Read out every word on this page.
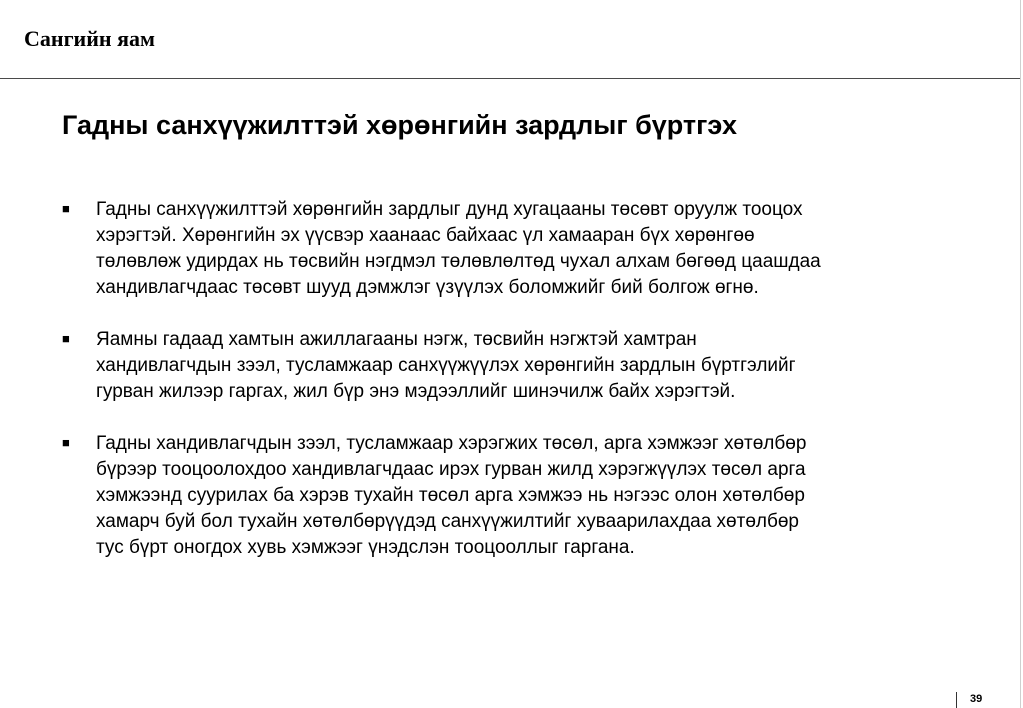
Сангийн яам
Гадны санхүүжилттэй хөрөнгийн зардлыг бүртгэх
■ Гадны санхүүжилттэй хөрөнгийн зардлыг дунд хугацааны төсөвт оруулж тооцох
хэрэгтэй. Хөрөнгийн эх үүсвэр хаанаас байхаас үл хамааран бүх хөрөнгөө
төлөвлөж удирдах нь төсвийн нэгдмэл төлөвлөлтөд чухал алхам бөгөөд цаашдаа
хандивлагчдаас төсөвт шууд дэмжлэг үзүүлэх боломжийг бий болгож өгнө.
■ Яамны гадаад хамтын ажиллагааны нэгж, төсвийн нэгжтэй хамтран
хандивлагчдын зээл, тусламжаар санхүүжүүлэх хөрөнгийн зардлын бүртгэлийг
гурван жилээр гаргах, жил бүр энэ мэдээллийг шинэчилж байх хэрэгтэй.
■ Гадны хандивлагчдын зээл, тусламжаар хэрэгжих төсөл, арга хэмжээг хөтөлбөр
бүрээр тооцоолохдоо хандивлагчдаас ирэх гурван жилд хэрэгжүүлэх төсөл арга
хэмжээнд суурилах ба хэрэв тухайн төсөл арга хэмжээ нь нэгээс олон хөтөлбөр
хамарч буй бол тухайн хөтөлбөрүүдэд санхүүжилтийг хуваарилахдаа хөтөлбөр
тус бүрт оногдох хувь хэмжээг үнэдслэн тооцооллыг гаргана.
39
